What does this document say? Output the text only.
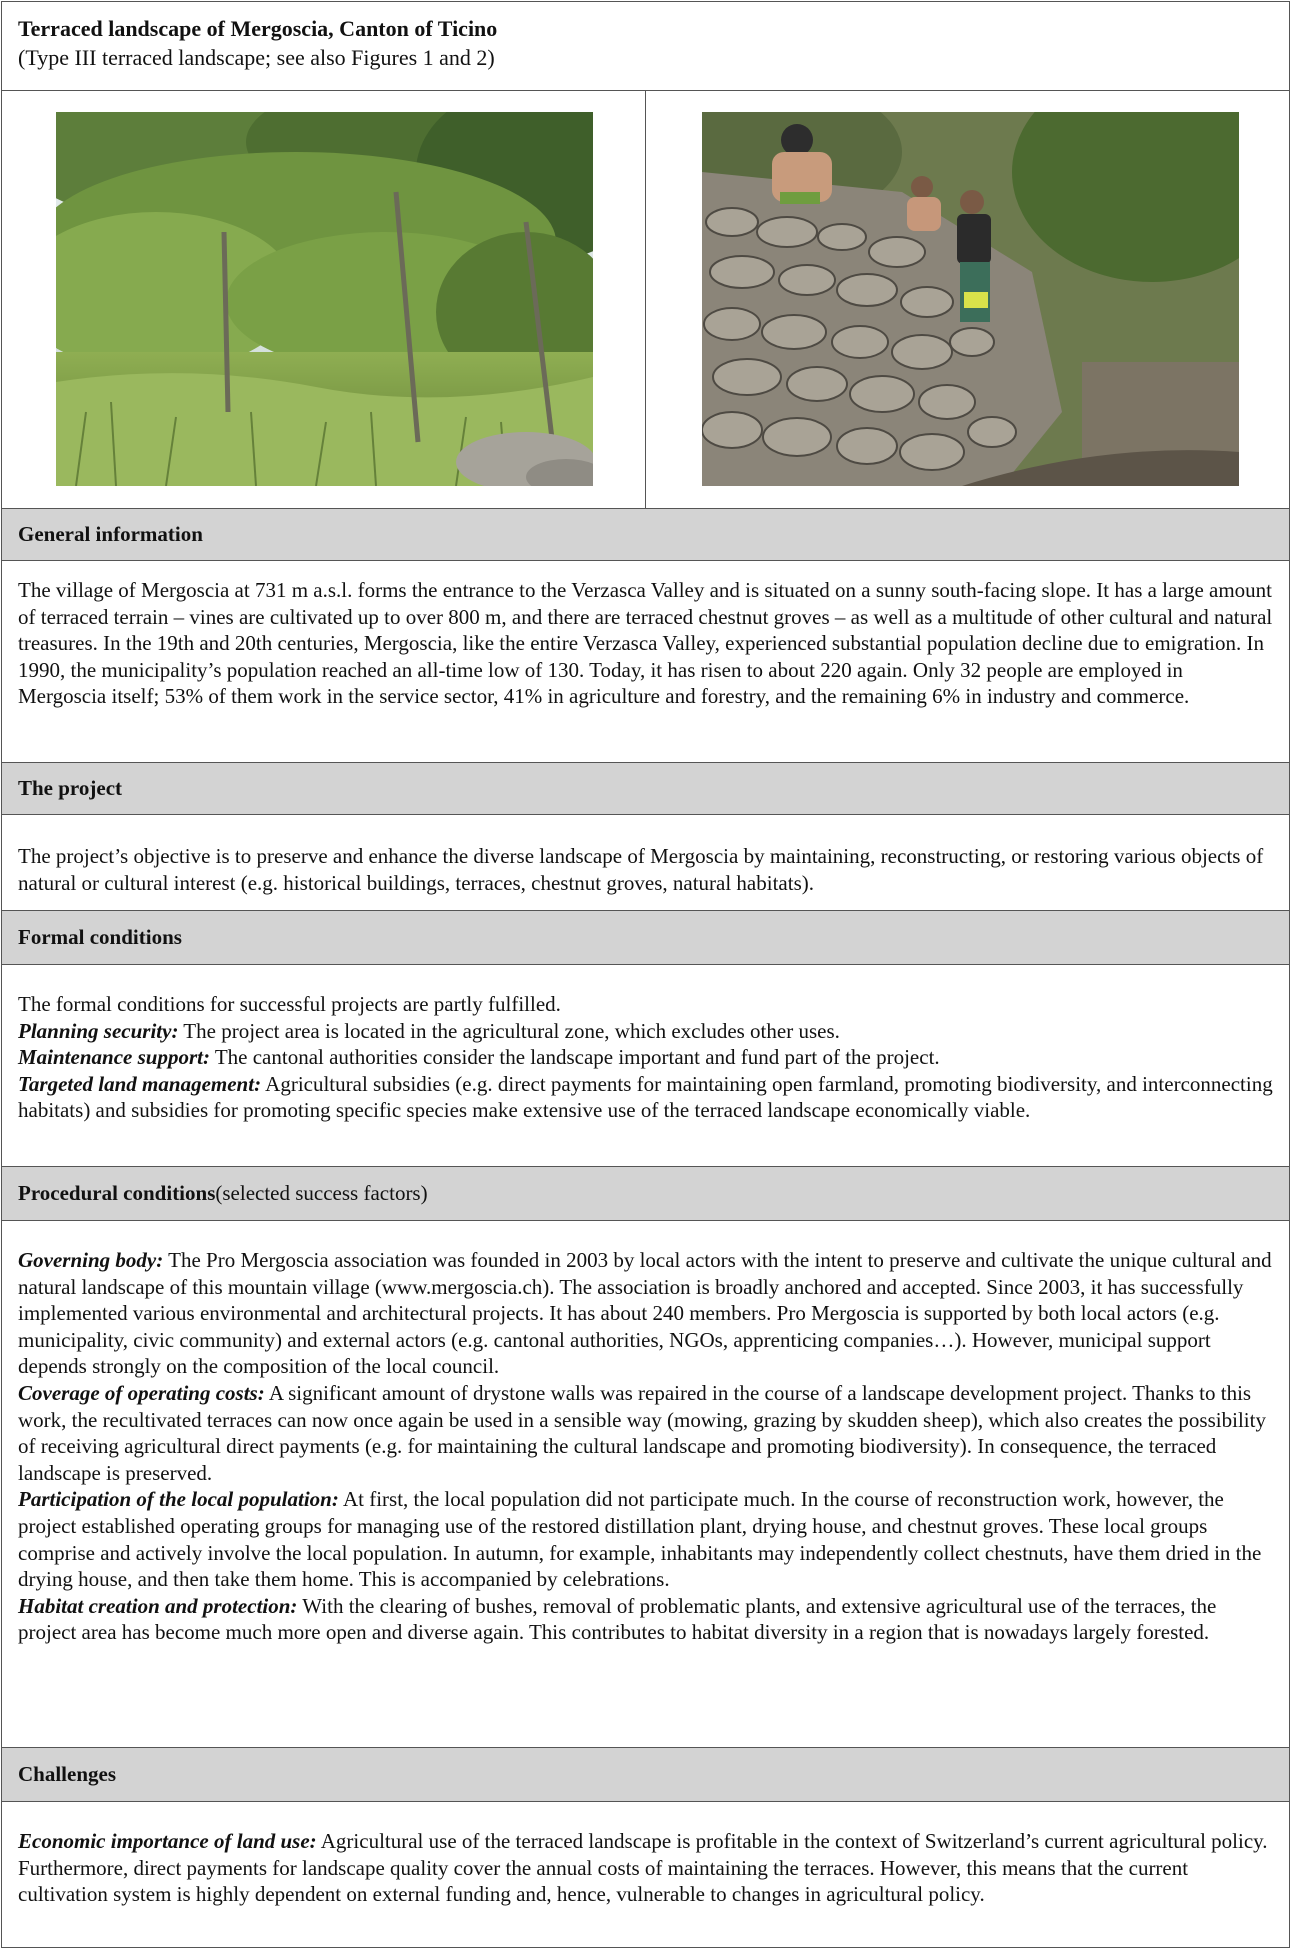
Terraced landscape of Mergoscia, Canton of Ticino
(Type III terraced landscape; see also Figures 1 and 2)
General information

The village of Mergoscia at 731 m a.s.l. forms the entrance to the Verzasca Valley and is situated on a sunny south-facing slope. It has a large amount of terraced terrain – vines are cultivated up to over 800 m, and there are terraced chestnut groves – as well as a multitude of other cultural and natural treasures. In the 19th and 20th centuries, Mergoscia, like the entire Verzasca Valley, experienced substantial population decline due to emigration. In 1990, the municipality’s population reached an all-time low of 130. Today, it has risen to about 220 again. Only 32 people are employed in Mergoscia itself; 53% of them work in the service sector, 41% in agriculture and forestry, and the remaining 6% in industry and commerce.

The project

The project’s objective is to preserve and enhance the diverse landscape of Mergoscia by maintaining, reconstructing, or restoring various objects of natural or cultural interest (e.g. historical buildings, terraces, chestnut groves, natural habitats).

Formal conditions

The formal conditions for successful projects are partly fulfilled.

Planning security: The project area is located in the agricultural zone, which excludes other uses.

Maintenance support: The cantonal authorities consider the landscape important and fund part of the project.

Targeted land management: Agricultural subsidies (e.g. direct payments for maintaining open farmland, promoting biodiversity, and interconnecting habitats) and subsidies for promoting specific species make extensive use of the terraced landscape economically viable.

Procedural conditions (selected success factors)

Governing body: The Pro Mergoscia association was founded in 2003 by local actors with the intent to preserve and cultivate the unique cultural and natural landscape of this mountain village (www.mergoscia.ch). The association is broadly anchored and accepted. Since 2003, it has successfully implemented various environmental and architectural projects. It has about 240 members. Pro Mergoscia is supported by both local actors (e.g. municipality, civic community) and external actors (e.g. cantonal authorities, NGOs, apprenticing companies…). However, municipal support depends strongly on the composition of the local council.

Coverage of operating costs: A significant amount of drystone walls was repaired in the course of a landscape development project. Thanks to this work, the recultivated terraces can now once again be used in a sensible way (mowing, grazing by skudden sheep), which also creates the possibility of receiving agricultural direct payments (e.g. for maintaining the cultural landscape and promoting biodiversity). In consequence, the terraced landscape is preserved.

Participation of the local population: At first, the local population did not participate much. In the course of reconstruction work, however, the project established operating groups for managing use of the restored distillation plant, drying house, and chestnut groves. These local groups comprise and actively involve the local population. In autumn, for example, inhabitants may independently collect chestnuts, have them dried in the drying house, and then take them home. This is accompanied by celebrations.

Habitat creation and protection: With the clearing of bushes, removal of problematic plants, and extensive agricultural use of the terraces, the project area has become much more open and diverse again. This contributes to habitat diversity in a region that is nowadays largely forested.

Challenges

Economic importance of land use: Agricultural use of the terraced landscape is profitable in the context of Switzerland’s current agricultural policy. Furthermore, direct payments for landscape quality cover the annual costs of maintaining the terraces. However, this means that the current cultivation system is highly dependent on external funding and, hence, vulnerable to changes in agricultural policy.
